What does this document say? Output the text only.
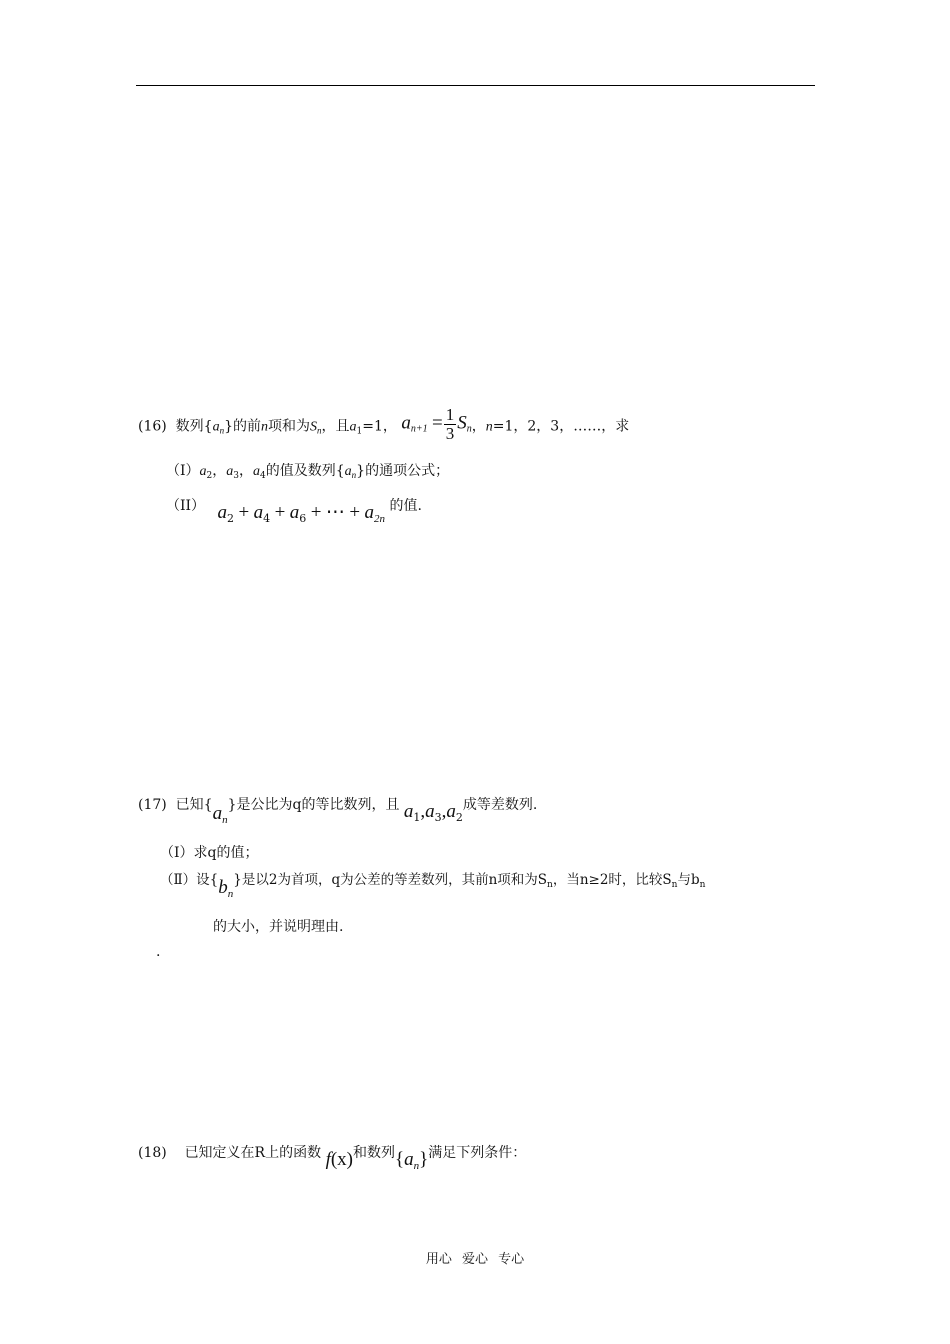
(16) 数列$\{a_n\}$的前n项和为$S_n$，且$a_1=1$， $a_{n+1} = \frac{1}{3} S_n$，n=1，2，3，……，求
$(I)a_2$，$a_3$，$a_4$的值及数列$\{a_n\}$的通项公式；
（II） $a_2 + a_4 + a_6$ + ⋯ + $a_{2n}$ 的值.
(17) 已知$\{a_n\}$是公比为q的等比数列，且 $a_1,a_3,a_2$成等差数列.
（Ⅰ）求q的值；
（Ⅱ）设$\{b_n\}$是以2为首项，q为公差的等差数列，其前n项和为$S_n$，当n≥2时，比较$S_n$与$b_n$
的大小，并说明理由.
.
(18) 已知定义在R上的函数 f(x)和数列$\{a_n\}$满足下列条件：
用心 爱心 专心
